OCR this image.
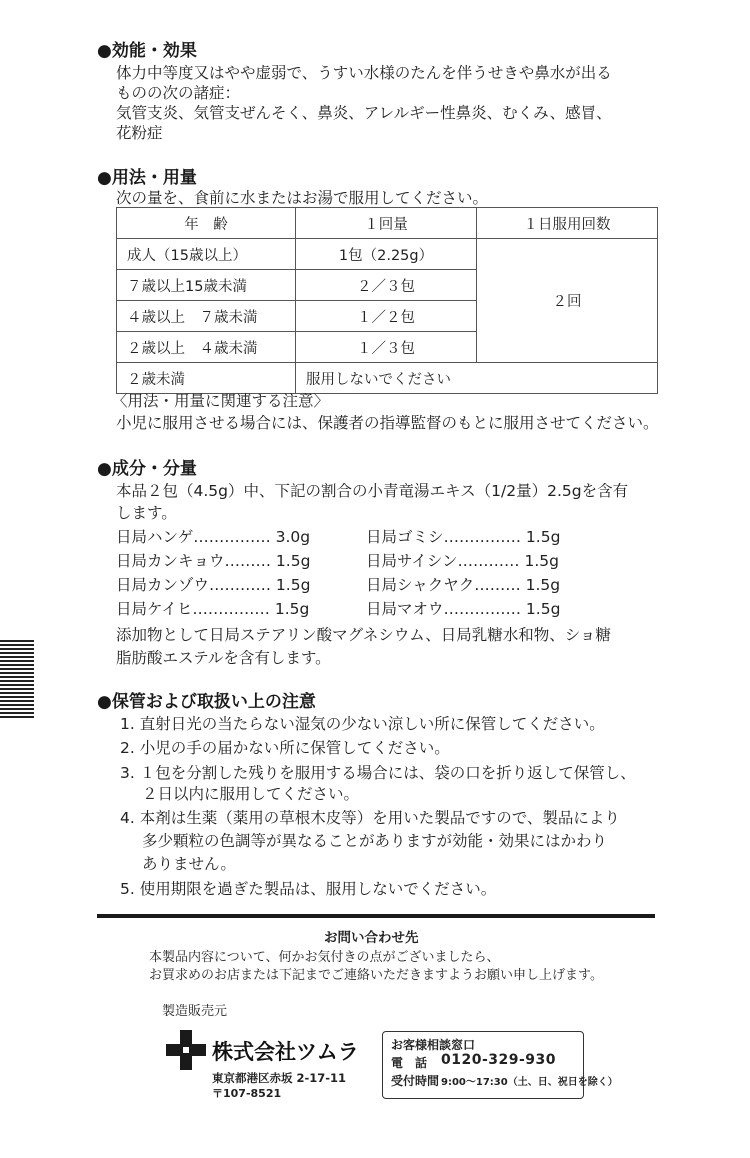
●効能・効果
体力中等度又はやや虚弱で、うすい水様のたんを伴うせきや鼻水が出る
ものの次の諸症：
気管支炎、気管支ぜんそく、鼻炎、アレルギー性鼻炎、むくみ、感冒、
花粉症
●用法・用量
次の量を、食前に水またはお湯で服用してください。
年　齢	１回量	１日服用回数
成人（15歳以上）	1包（2.25g）	２回
７歳以上15歳未満	２／３包	
４歳以上　７歳未満	１／２包	
２歳以上　４歳未満	１／３包	
２歳未満	服用しないでください	
〈用法・用量に関連する注意〉
小児に服用させる場合には、保護者の指導監督のもとに服用させてください。
●成分・分量
本品２包（4.5g）中、下記の割合の小青竜湯エキス（1/2量）2.5gを含有
します。
日局ハンゲ…………… 3.0g	日局ゴミシ…………… 1.5g
日局カンキョウ……… 1.5g	日局サイシン………… 1.5g
日局カンゾウ………… 1.5g	日局シャクヤク……… 1.5g
日局ケイヒ…………… 1.5g	日局マオウ…………… 1.5g
添加物として日局ステアリン酸マグネシウム、日局乳糖水和物、ショ糖
脂肪酸エステルを含有します。
●保管および取扱い上の注意
1. 直射日光の当たらない湿気の少ない涼しい所に保管してください。
2. 小児の手の届かない所に保管してください。
3. １包を分割した残りを服用する場合には、袋の口を折り返して保管し、
２日以内に服用してください。
4. 本剤は生薬（薬用の草根木皮等）を用いた製品ですので、製品により
多少顆粒の色調等が異なることがありますが効能・効果にはかわり
ありません。
5. 使用期限を過ぎた製品は、服用しないでください。
お問い合わせ先
本製品内容について、何かお気付きの点がございましたら、
お買求めのお店または下記までご連絡いただきますようお願い申し上げます。
製造販売元
株式会社ツムラ
東京都港区赤坂 2-17-11
〒107-8521
お客様相談窓口
電　話 0120-329-930
受付時間 9:00〜17:30（土、日、祝日を除く）
